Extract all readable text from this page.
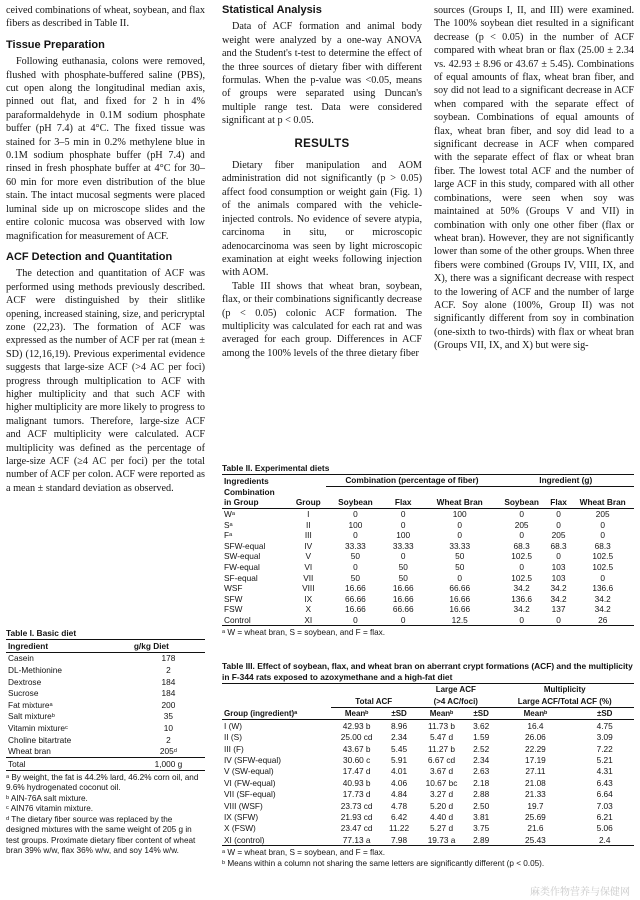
ceived combinations of wheat, soybean, and flax fibers as described in Table II.

Tissue Preparation

Following euthanasia, colons were removed, flushed with phosphate-buffered saline (PBS), cut open along the longitudinal median axis, pinned out flat, and fixed for 2 h in 4% paraformaldehyde in 0.1M sodium phosphate buffer (pH 7.4) at 4°C. The fixed tissue was stained for 3–5 min in 0.2% methylene blue in 0.1M sodium phosphate buffer (pH 7.4) and rinsed in fresh phosphate buffer at 4°C for 30–60 min for more even distribution of the blue stain. The intact mucosal segments were placed luminal side up on microscope slides and the entire colonic mucosa was observed with low magnification for measurement of ACF.

ACF Detection and Quantitation

The detection and quantitation of ACF was performed using methods previously described. ACF were distinguished by their slitlike opening, increased staining, size, and pericryptal zone (22,23). The formation of ACF was expressed as the number of ACF per rat (mean ± SD) (12,16,19). Previous experimental evidence suggests that large-size ACF (>4 AC per foci) progress through multiplication to ACF with higher multiplicity and that such ACF with higher multiplicity are more likely to progress to malignant tumors. Therefore, large-size ACF and ACF multiplicity were calculated. ACF multiplicity was defined as the percentage of large-size ACF (≥4 AC per foci) per the total number of ACF per colon. ACF were reported as a mean ± standard deviation as observed.

Statistical Analysis

Data of ACF formation and animal body weight were analyzed by a one-way ANOVA and the Student's t-test to determine the effect of the three sources of dietary fiber with different formulas. When the p-value was <0.05, means of groups were separated using Duncan's multiple range test. Data were considered significant at p < 0.05.

RESULTS

Dietary fiber manipulation and AOM administration did not significantly (p > 0.05) affect food consumption or weight gain (Fig. 1) of the animals compared with the vehicle-injected controls. No evidence of severe atypia, carcinoma in situ, or microscopic adenocarcinoma was seen by light microscopic examination at eight weeks following injection with AOM.

Table III shows that wheat bran, soybean, flax, or their combinations significantly decrease (p < 0.05) colonic ACF formation. The multiplicity was calculated for each rat and was averaged for each group. Differences in ACF among the 100% levels of the three dietary fiber

sources (Groups I, II, and III) were examined. The 100% soybean diet resulted in a significant decrease (p < 0.05) in the number of ACF compared with wheat bran or flax (25.00 ± 2.34 vs. 42.93 ± 8.96 or 43.67 ± 5.45). Combinations of equal amounts of flax, wheat bran fiber, and soy did not lead to a significant decrease in ACF when compared with the separate effect of soybean. Combinations of equal amounts of flax, wheat bran fiber, and soy did lead to a significant decrease in ACF when compared with the separate effect of flax or wheat bran fiber. The lowest total ACF and the number of large ACF in this study, compared with all other combinations, were seen when soy was maintained at 50% (Groups V and VII) in combination with only one other fiber (flax or wheat bran). However, they are not significantly lower than some of the other groups. When three fibers were combined (Groups IV, VIII, IX, and X), there was a significant decrease with respect to the lowering of ACF and the number of large ACF. Soy alone (100%, Group II) was not significantly different from soy in combination (one-sixth to two-thirds) with flax or wheat bran (Groups VII, IX, and X) but were sig-

Table II. Experimental diets
Ingredients		Combination (percentage of fiber)			Ingredient (g)		
Combination							
in Group	Group	Soybean	Flax	Wheat Bran	Soybean	Flax	Wheat Bran
Wᵃ	I	0	0	100	0	0	205
Sᵃ	II	100	0	0	205	0	0
Fᵃ	III	0	100	0	0	205	0
SFW-equal	IV	33.33	33.33	33.33	68.3	68.3	68.3
SW-equal	V	50	0	50	102.5	0	102.5
FW-equal	VI	0	50	50	0	103	102.5
SF-equal	VII	50	50	0	102.5	103	0
WSF	VIII	16.66	16.66	66.66	34.2	34.2	136.6
SFW	IX	66.66	16.66	16.66	136.6	34.2	34.2
FSW	X	16.66	66.66	16.66	34.2	137	34.2
Control	XI	0	0	12.5	0	0	26
ᵃ W = wheat bran, S = soybean, and F = flax.
Table I. Basic diet
Ingredient	g/kg Diet
Casein	178
DL-Methionine	2
Dextrose	184
Sucrose	184
Fat mixtureᵃ	200
Salt mixtureᵇ	35
Vitamin mixtureᶜ	10
Choline bitartrate	2
Wheat bran	205ᵈ
Total	1,000 g
ᵃ By weight, the fat is 44.2% lard, 46.2% corn oil, and 9.6% hydrogenated coconut oil.
ᵇ AIN-76A salt mixture.
ᶜ AIN76 vitamin mixture.
ᵈ The dietary fiber source was replaced by the designed mixtures with the same weight of 205 g in test groups. Proximate dietary fiber content of wheat bran 39% w/w, flax 36% w/w, and soy 14% w/w.
Table III. Effect of soybean, flax, and wheat bran on aberrant crypt formations (ACF) and the multiplicity in F-344 rats exposed to azoxymethane and a high-fat diet
			Large ACF		Multiplicity	
	Total ACF		(>4 AC/foci)		Large ACF/Total ACF (%)	
Group (ingredient)ᵃ	Meanᵇ	±SD	Meanᵇ	±SD	Meanᵇ	±SD
I (W)	42.93 b	8.96	11.73 b	3.62	16.4	4.75
II (S)	25.00 cd	2.34	5.47 d	1.59	26.06	3.09
III (F)	43.67 b	5.45	11.27 b	2.52	22.29	7.22
IV (SFW-equal)	30.60 c	5.91	6.67 cd	2.34	17.19	5.21
V (SW-equal)	17.47 d	4.01	3.67 d	2.63	27.11	4.31
VI (FW-equal)	40.93 b	4.06	10.67 bc	2.18	21.08	6.43
VII (SF-equal)	17.73 d	4.84	3.27 d	2.88	21.33	6.64
VIII (WSF)	23.73 cd	4.78	5.20 d	2.50	19.7	7.03
IX (SFW)	21.93 cd	6.42	4.40 d	3.81	25.69	6.21
X (FSW)	23.47 cd	11.22	5.27 d	3.75	21.6	5.06
XI (control)	77.13 a	7.98	19.73 a	2.89	25.43	2.4
ᵃ W = wheat bran, S = soybean, and F = flax.
ᵇ Means within a column not sharing the same letters are significantly different (p < 0.05).
麻类作物营养与保健网
